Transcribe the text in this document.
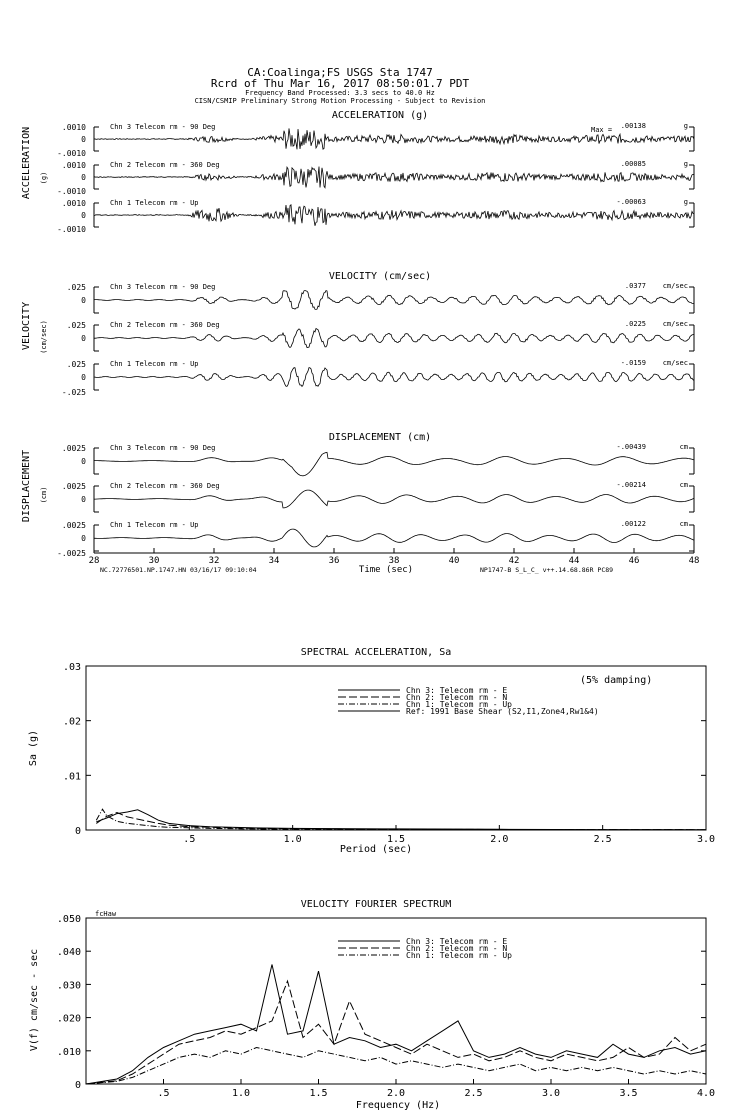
CA:Coalinga;FS USGS Sta 1747
Rcrd of Thu Mar 16, 2017 08:50:01.7 PDT
Frequency Band Processed: 3.3 secs to 40.0 Hz
CISN/CSMIP Preliminary Strong Motion Processing - Subject to Revision
ACCELERATION (g)
ACCELERATION (g)
Max =
VELOCITY (cm/sec)
VELOCITY (cm/sec)
DISPLACEMENT (cm)
DISPLACEMENT (cm)
.0010
0
-.0010
Chn 3 Telecom rm - 90 Deg	.00138	g
.0010
0
-.0010
Chn 2 Telecom rm - 360 Deg	.00085	g
.0010
0
-.0010
Chn 1 Telecom rm - Up	-.00063	g
.025
0
Chn 3 Telecom rm - 90 Deg	.0377 cm/sec
.025
0
Chn 2 Telecom rm - 360 Deg	.0225 cm/sec
.025
0
-.025
Chn 1 Telecom rm - Up	-.0159 cm/sec
.0025
0
Chn 3 Telecom rm - 90 Deg	-.00439	cm
.0025
0
Chn 2 Telecom rm - 360 Deg	-.00214	cm
.0025
0
-.0025
Chn 1 Telecom rm - Up	.00122	cm
28	30	32	34	36	38	40	42	44	46	48
Time (sec)
NC.72776501.NP.1747.HN 03/16/17 09:10:04	NP1747-B S_L_C_ v++.14.68.86R PC89
SPECTRAL ACCELERATION, Sa
(5% damping)
Sa (g)
Period (sec)
.5	1.0	1.5	2.0	2.5	3.0
0
.01
.02
.03
Chn 3: Telecom rm - E
Chn 2: Telecom rm - N
Chn 1: Telecom rm - Up
Ref: 1991 Base Shear (S2,I1,Zone4,Rw1&4)
VELOCITY FOURIER SPECTRUM
fcHaw
V(f) cm/sec - sec
Frequency (Hz)
.5	1.0	1.5	2.0	2.5	3.0	3.5	4.0
0
.010
.020
.030
.040
.050
Chn 3: Telecom rm - E
Chn 2: Telecom rm - N
Chn 1: Telecom rm - Up
